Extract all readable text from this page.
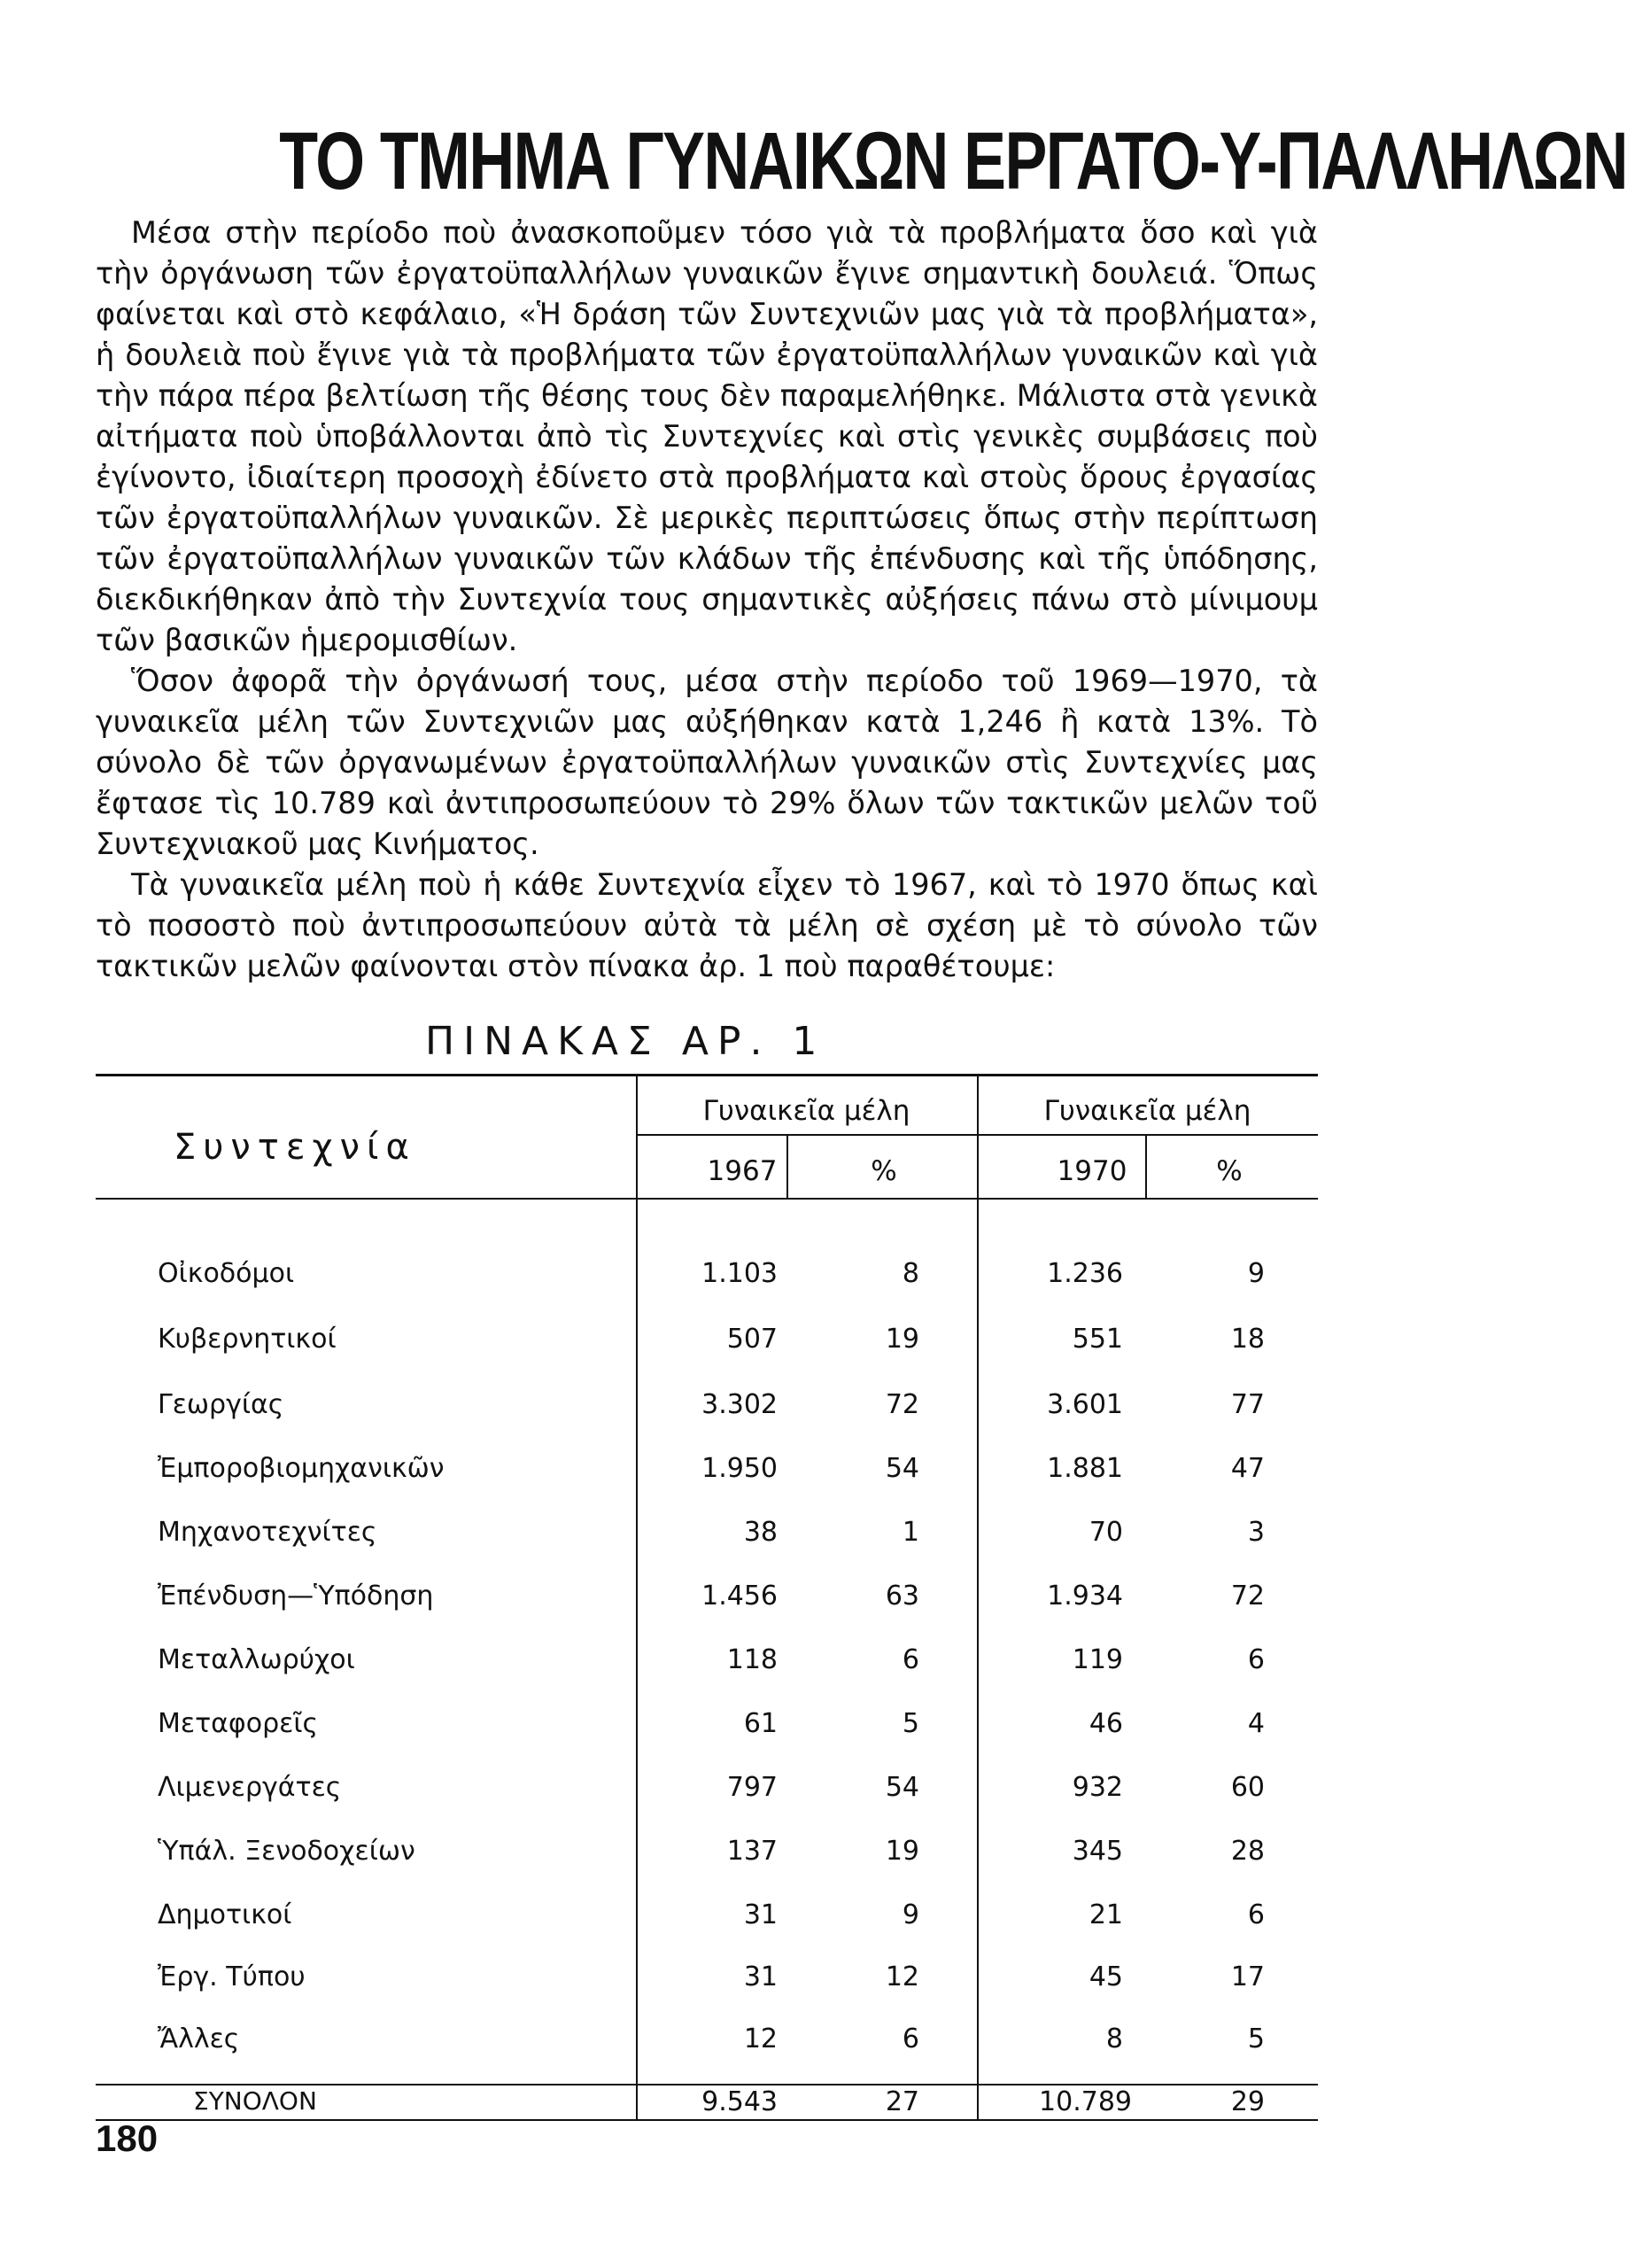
ΤΟ ΤΜΗΜΑ ΓΥΝΑΙΚΩΝ ΕΡΓΑΤΟ-Υ-ΠΑΛΛΗΛΩΝ

Μέσα στὴν περίοδο ποὺ ἀνασκοποῦμεν τόσο γιὰ τὰ προβλήματα ὅσο καὶ γιὰ τὴν ὀργάνωση τῶν ἐργατοϋπαλλήλων γυναικῶν ἔγινε σημαντικὴ δουλειά. Ὅπως φαίνεται καὶ στὸ κεφάλαιο, «Ἡ δράση τῶν Συντεχνιῶν μας γιὰ τὰ προβλήματα», ἡ δουλειὰ ποὺ ἔγινε γιὰ τὰ προβλήματα τῶν ἐργατοϋπαλλήλων γυναικῶν καὶ γιὰ τὴν πάρα πέρα βελτίωση τῆς θέσης τους δὲν παραμελήθηκε. Μάλιστα στὰ γενικὰ αἰτήματα ποὺ ὑποβάλλονται ἀπὸ τὶς Συντεχνίες καὶ στὶς γενικὲς συμβάσεις ποὺ ἐγίνοντο, ἰδιαίτερη προσοχὴ ἐδίνετο στὰ προβλήματα καὶ στοὺς ὅρους ἐργασίας τῶν ἐργατοϋπαλλήλων γυναικῶν. Σὲ μερικὲς περιπτώσεις ὅπως στὴν περίπτωση τῶν ἐργατοϋπαλλήλων γυναικῶν τῶν κλάδων τῆς ἐπένδυσης καὶ τῆς ὑπόδησης, διεκδικήθηκαν ἀπὸ τὴν Συντεχνία τους σημαντικὲς αὐξήσεις πάνω στὸ μίνιμουμ τῶν βασικῶν ἡμερομισθίων.

Ὅσον ἀφορᾶ τὴν ὀργάνωσή τους, μέσα στὴν περίοδο τοῦ 1969—1970, τὰ γυναικεῖα μέλη τῶν Συντεχνιῶν μας αὐξήθηκαν κατὰ 1,246 ἢ κατὰ 13%. Τὸ σύνολο δὲ τῶν ὀργανωμένων ἐργατοϋπαλλήλων γυναικῶν στὶς Συντεχνίες μας ἔφτασε τὶς 10.789 καὶ ἀντιπροσωπεύουν τὸ 29% ὅλων τῶν τακτικῶν μελῶν τοῦ Συντεχνιακοῦ μας Κινήματος.

Τὰ γυναικεῖα μέλη ποὺ ἡ κάθε Συντεχνία εἶχεν τὸ 1967, καὶ τὸ 1970 ὅπως καὶ τὸ ποσοστὸ ποὺ ἀντιπροσωπεύουν αὐτὰ τὰ μέλη σὲ σχέση μὲ τὸ σύνολο τῶν τακτικῶν μελῶν φαίνονται στὸν πίνακα ἀρ. 1 ποὺ παραθέτουμε:

ΠΙΝΑΚΑΣ ΑΡ. 1
Συντεχνία
Γυναικεῖα μέλη	Γυναικεῖα μέλη
1967	%	1970	%
Οἰκοδόμοι	1.103	8	1.236	9
Κυβερνητικοί	507	19	551	18
Γεωργίας	3.302	72	3.601	77
Ἐμποροβιομηχανικῶν	1.950	54	1.881	47
Μηχανοτεχνίτες	38	1	70	3
Ἐπένδυση—Ὑπόδηση	1.456	63	1.934	72
Μεταλλωρύχοι	118	6	119	6
Μεταφορεῖς	61	5	46	4
Λιμενεργάτες	797	54	932	60
Ὑπάλ. Ξενοδοχείων	137	19	345	28
Δημοτικοί	31	9	21	6
Ἐργ. Τύπου	31	12	45	17
Ἄλλες	12	6	8	5
ΣΥΝΟΛΟΝ	9.543	27	10.789	29
180
